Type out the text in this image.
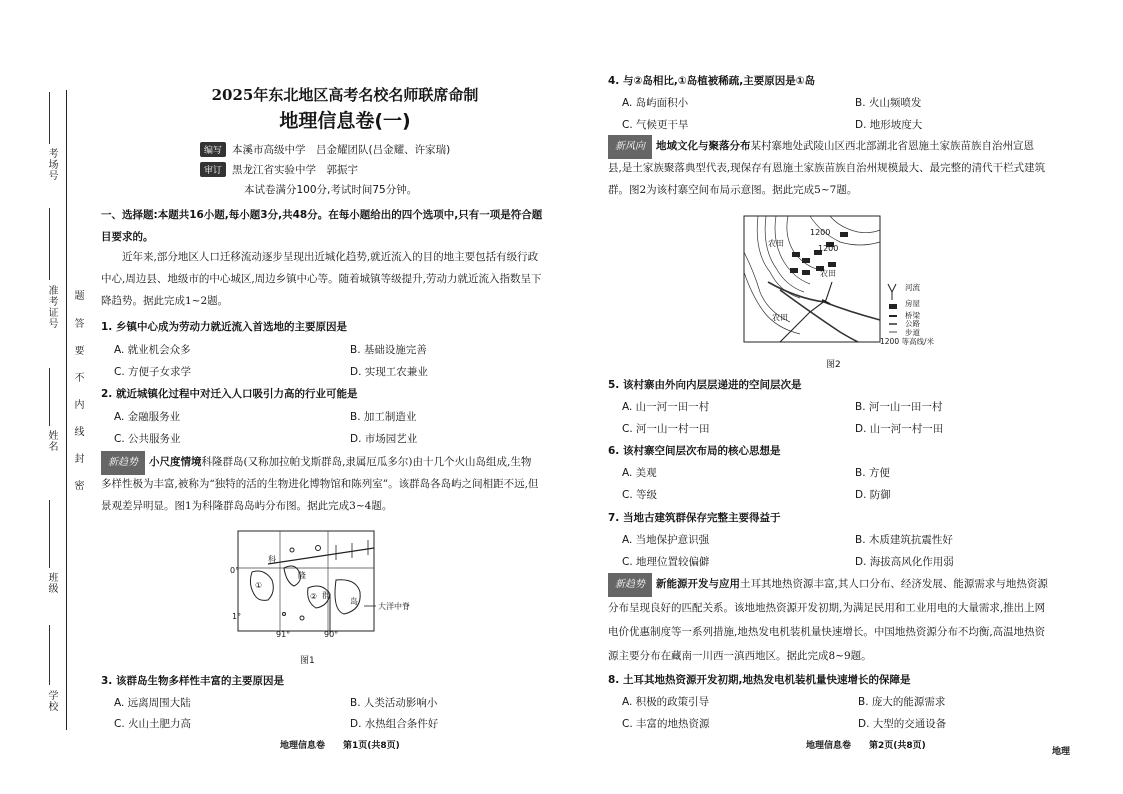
考场号
准考证号
姓名
班级
学校
题
答
要
不
内
线
封
密
2025年东北地区高考名校名师联席命制
地理信息卷(一)
编写 本溪市高级中学　吕金耀团队(吕金耀、许家瑞)
审订 黑龙江省实验中学　郭振宇
本试卷满分100分,考试时间75分钟。
一、选择题:本题共16小题,每小题3分,共48分。在每小题给出的四个选项中,只有一项是符合题
目要求的。
　　近年来,部分地区人口迁移流动逐步呈现出近城化趋势,就近流入的目的地主要包括有级行政
中心,周边县、地级市的中心城区,周边乡镇中心等。随着城镇等级提升,劳动力就近流入指数呈下
降趋势。据此完成1~2题。
1. 乡镇中心成为劳动力就近流入首选地的主要原因是
A. 就业机会众多	B. 基础设施完善
C. 方便子女求学	D. 实现工农兼业
2. 就近城镇化过程中对迁入人口吸引力高的行业可能是
A. 金融服务业	B. 加工制造业
C. 公共服务业	D. 市场园艺业
新趋势 小尺度情境科隆群岛(又称加拉帕戈斯群岛,隶属厄瓜多尔)由十几个火山岛组成,生物
多样性极为丰富,被称为“独特的活的生物进化博物馆和陈列室”。该群岛各岛屿之间相距不远,但
景观差异明显。图1为科隆群岛岛屿分布图。据此完成3~4题。
0°
1°
91°	90°
科
隆
群
岛
①
②
大洋中脊
图1
3. 该群岛生物多样性丰富的主要原因是
A. 远离周围大陆	B. 人类活动影响小
C. 火山土肥力高	D. 水热组合条件好
地理信息卷　　第1页(共8页)
4. 与②岛相比,①岛植被稀疏,主要原因是①岛
A. 岛屿面积小	B. 火山频喷发
C. 气候更干旱	D. 地形坡度大
新风向 地域文化与聚落分布某村寨地处武陵山区西北部湖北省恩施土家族苗族自治州宣恩
县,是土家族聚落典型代表,现保存有恩施土家族苗族自治州规模最大、最完整的清代干栏式建筑
群。图2为该村寨空间布局示意图。据此完成5~7题。
1200
1200
农田
农田
农田
河流
房屋
桥梁
公路
步道
1200 等高线/米
图2
5. 该村寨由外向内层层递进的空间层次是
A. 山一河一田一村	B. 河一山一田一村
C. 河一山一村一田	D. 山一河一村一田
6. 该村寨空间层次布局的核心思想是
A. 美观	B. 方便
C. 等级	D. 防御
7. 当地古建筑群保存完整主要得益于
A. 当地保护意识强	B. 木质建筑抗震性好
C. 地理位置较偏僻	D. 海拔高风化作用弱
新趋势 新能源开发与应用土耳其地热资源丰富,其人口分布、经济发展、能源需求与地热资源
分布呈现良好的匹配关系。该地地热资源开发初期,为满足民用和工业用电的大量需求,推出上网
电价优惠制度等一系列措施,地热发电机装机量快速增长。中国地热资源分布不均衡,高温地热资
源主要分布在藏南一川西一滇西地区。据此完成8~9题。
8. 土耳其地热资源开发初期,地热发电机装机量快速增长的保障是
A. 积极的政策引导	B. 庞大的能源需求
C. 丰富的地热资源	D. 大型的交通设备
地理信息卷　　第2页(共8页)
地理
